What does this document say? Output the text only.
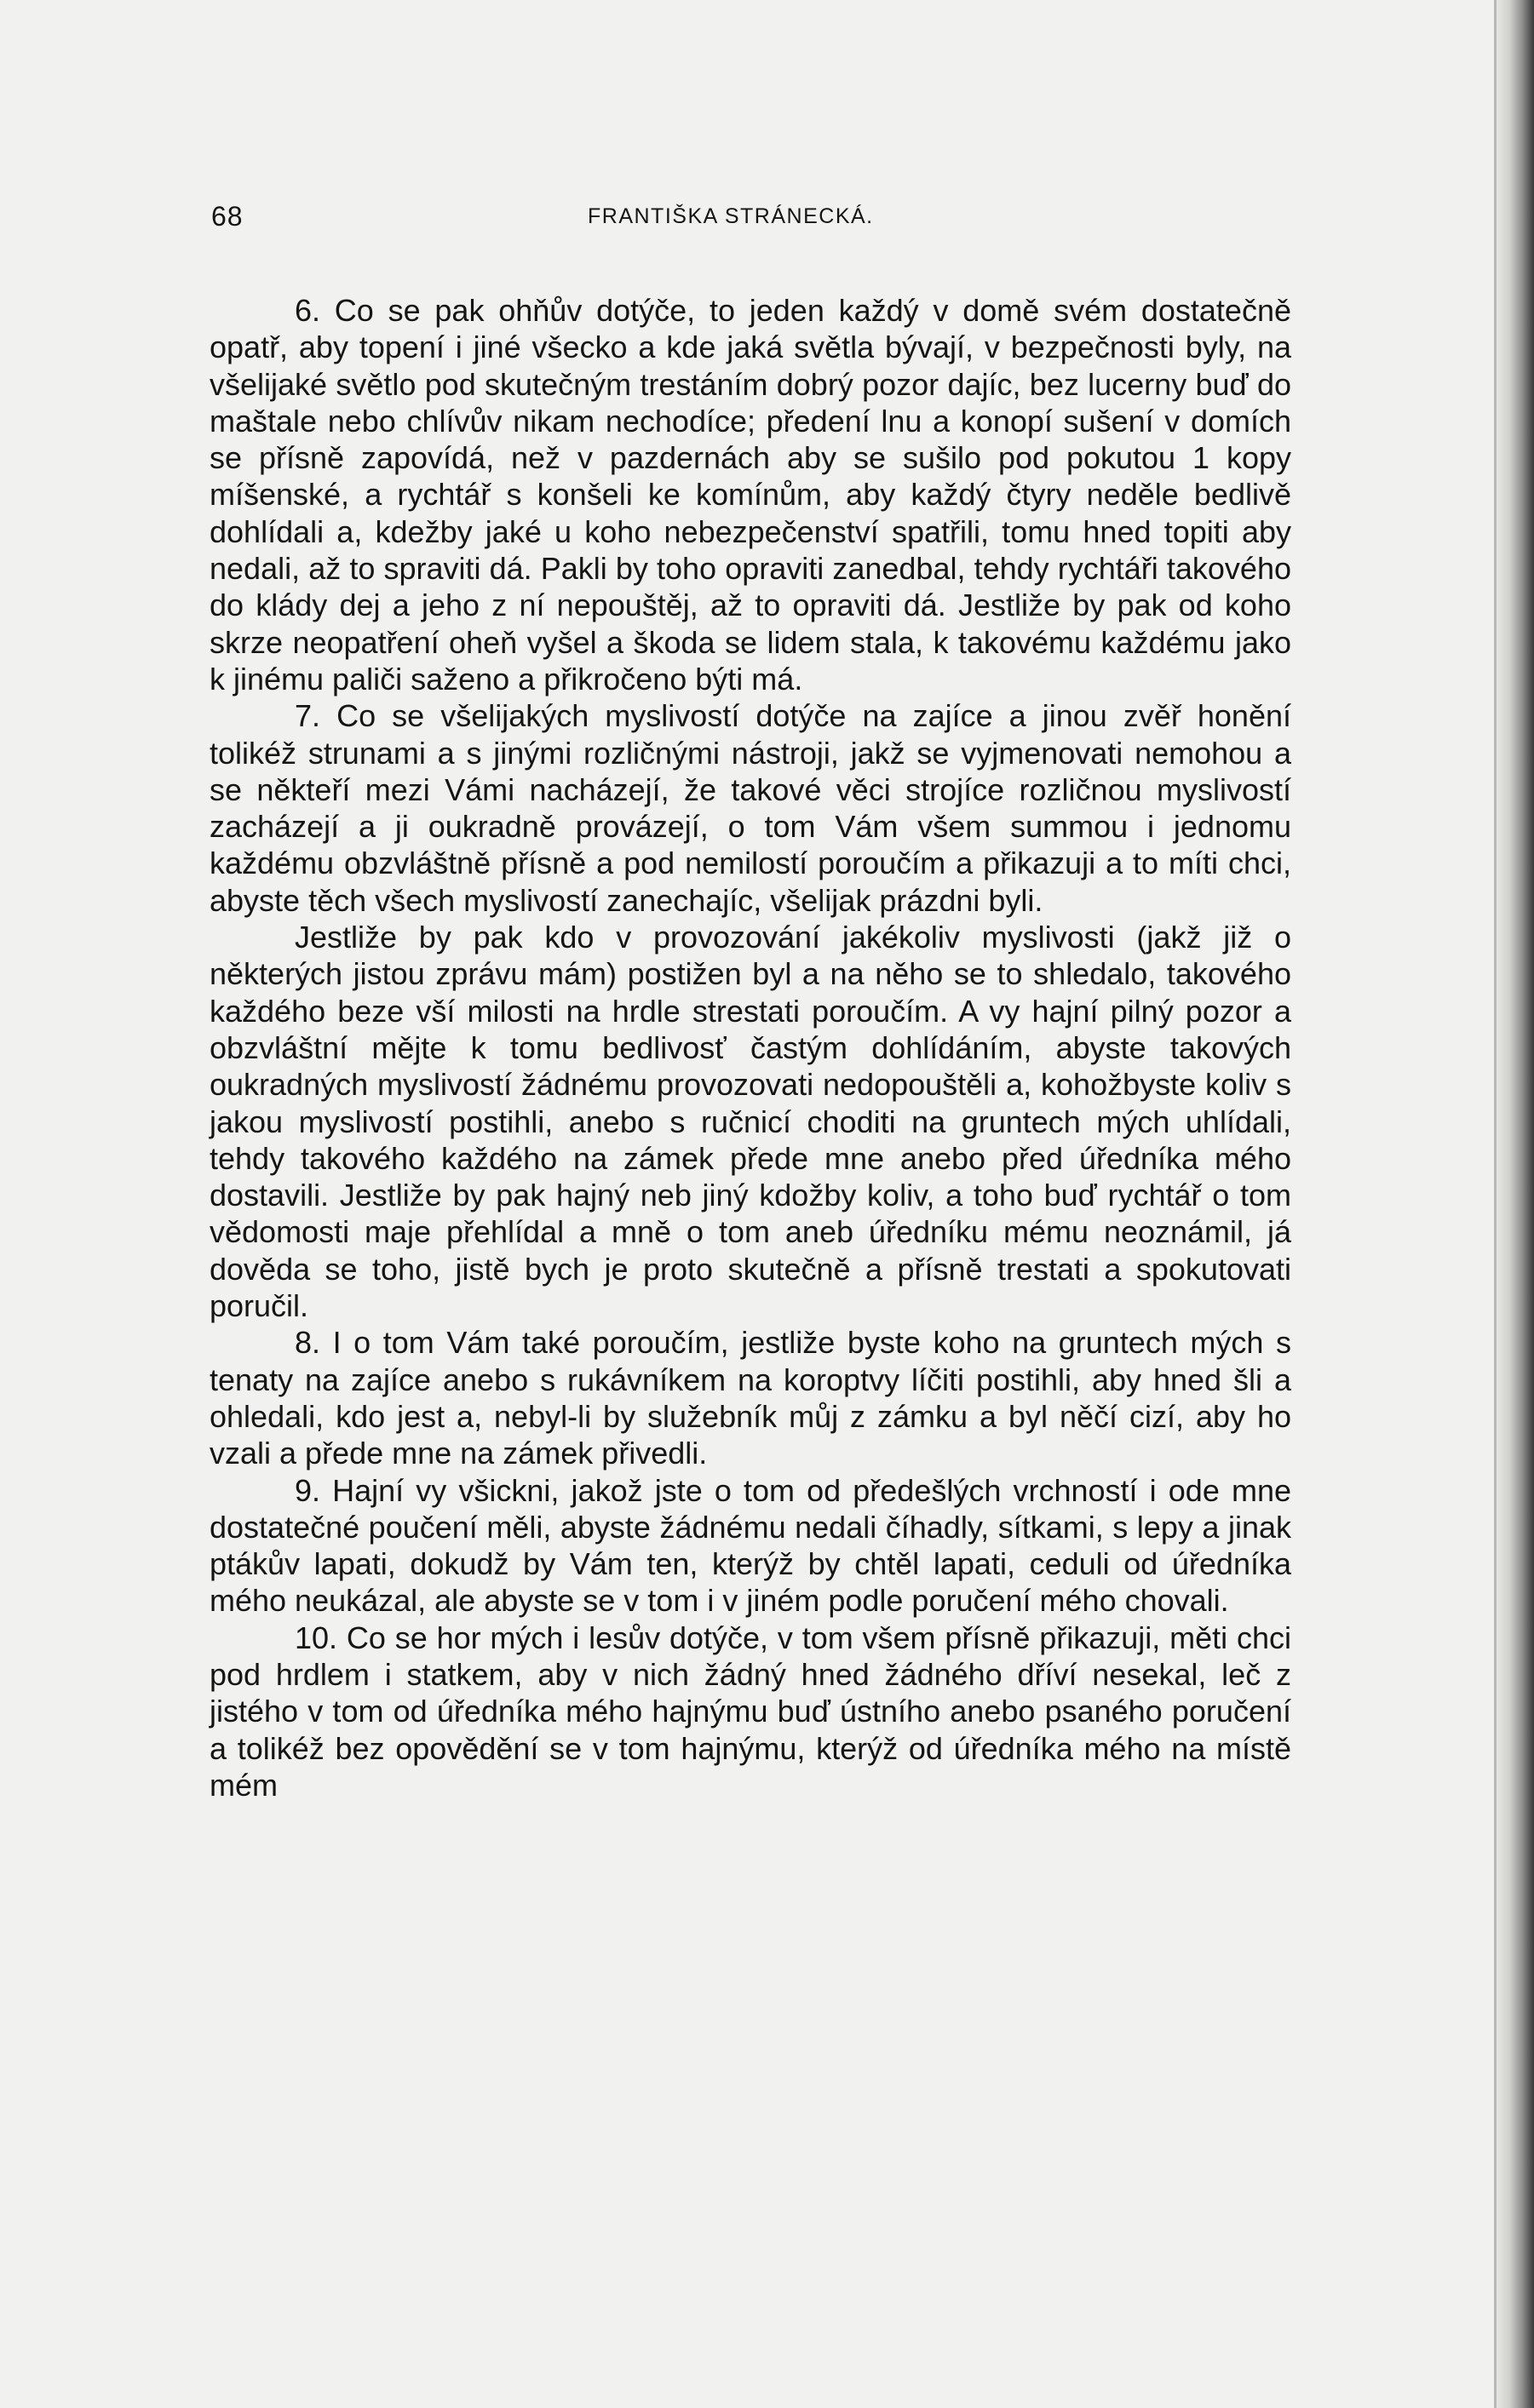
68	FRANTIŠKA STRÁNECKÁ.

6. Co se pak ohňův dotýče, to jeden každý v domě svém dostatečně opatř, aby topení i jiné všecko a kde jaká světla bývají, v bezpečnosti byly, na všelijaké světlo pod skutečným trestáním dobrý pozor dajíc, bez lucerny buď do maštale nebo chlívův nikam nechodíce; předení lnu a konopí sušení v domích se přísně zapovídá, než v pazdernách aby se sušilo pod pokutou 1 kopy míšenské, a rychtář s konšeli ke komínům, aby každý čtyry neděle bedlivě dohlídali a, kdežby jaké u koho nebezpečenství spatřili, tomu hned topiti aby nedali, až to spraviti dá. Pakli by toho opraviti zanedbal, tehdy rychtáři takového do klády dej a jeho z ní nepouštěj, až to opraviti dá. Jestliže by pak od koho skrze neopatření oheň vyšel a škoda se lidem stala, k takovému každému jako k jinému paliči saženo a přikročeno býti má.

7. Co se všelijakých myslivostí dotýče na zajíce a jinou zvěř honění tolikéž strunami a s jinými rozličnými nástroji, jakž se vyjmenovati nemohou a se někteří mezi Vámi nacházejí, že takové věci strojíce rozličnou myslivostí zacházejí a ji oukradně provázejí, o tom Vám všem summou i jednomu každému obzvláštně přísně a pod nemilostí poroučím a přikazuji a to míti chci, abyste těch všech myslivostí zanechajíc, všelijak prázdni byli.

Jestliže by pak kdo v provozování jakékoliv myslivosti (jakž již o některých jistou zprávu mám) postižen byl a na něho se to shledalo, takového každého beze vší milosti na hrdle strestati poroučím. A vy hajní pilný pozor a obzvláštní mějte k tomu bedlivosť častým dohlídáním, abyste takových oukradných myslivostí žádnému provozovati nedopouštěli a, kohožbyste koliv s jakou myslivostí postihli, anebo s ručnicí choditi na gruntech mých uhlídali, tehdy takového každého na zámek přede mne anebo před úředníka mého dostavili. Jestliže by pak hajný neb jiný kdožby koliv, a toho buď rychtář o tom vědomosti maje přehlídal a mně o tom aneb úředníku mému neoznámil, já dověda se toho, jistě bych je proto skutečně a přísně trestati a spokutovati poručil.

8. I o tom Vám také poroučím, jestliže byste koho na gruntech mých s tenaty na zajíce anebo s rukávníkem na koroptvy líčiti postihli, aby hned šli a ohledali, kdo jest a, nebyl-li by služebník můj z zámku a byl něčí cizí, aby ho vzali a přede mne na zámek přivedli.

9. Hajní vy všickni, jakož jste o tom od předešlých vrchností i ode mne dostatečné poučení měli, abyste žádnému nedali číhadly, sítkami, s lepy a jinak ptákův lapati, dokudž by Vám ten, kterýž by chtěl lapati, ceduli od úředníka mého neukázal, ale abyste se v tom i v jiném podle poručení mého chovali.

10. Co se hor mých i lesův dotýče, v tom všem přísně přikazuji, měti chci pod hrdlem i statkem, aby v nich žádný hned žádného dříví nesekal, leč z jistého v tom od úředníka mého hajnýmu buď ústního anebo psaného poručení a tolikéž bez opovědění se v tom hajnýmu, kterýž od úředníka mého na místě mém
